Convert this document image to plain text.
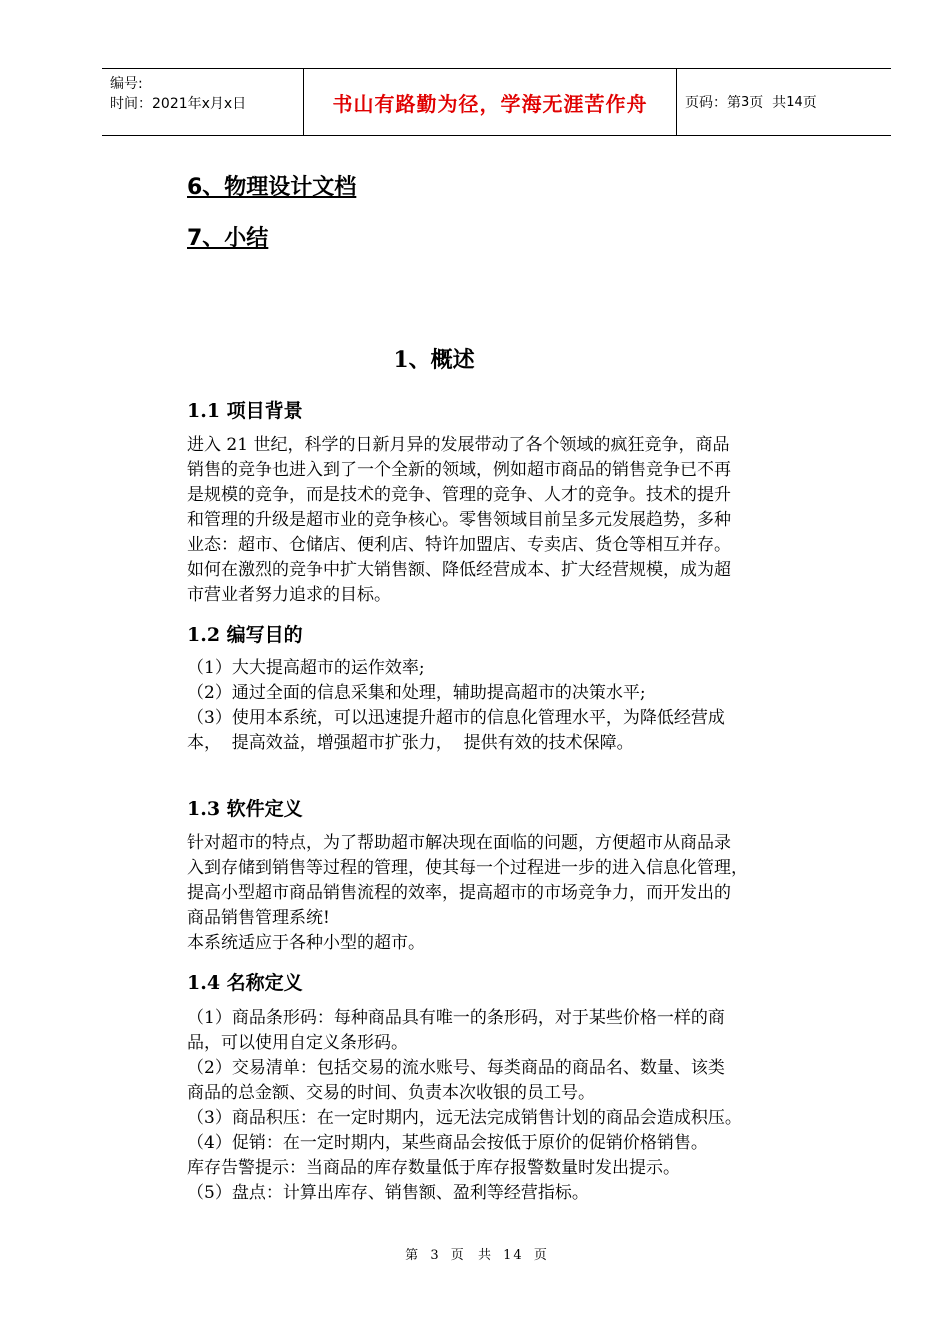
编号:
时间：2021年x月x日	书山有路勤为径，学海无涯苦作舟	页码：第 3 页  共 14 页
6、物理设计文档
7、小结
1、概述
1.1 项目背景

进入 21 世纪，科学的日新月异的发展带动了各个领域的疯狂竞争，商品

销售的竞争也进入到了一个全新的领域，例如超市商品的销售竞争已不再

是规模的竞争，而是技术的竞争、管理的竞争、人才的竞争。技术的提升

和管理的升级是超市业的竞争核心。零售领域目前呈多元发展趋势，多种

业态：超市、仓储店、便利店、特许加盟店、专卖店、货仓等相互并存。

如何在激烈的竞争中扩大销售额、降低经营成本、扩大经营规模，成为超

市营业者努力追求的目标。

1.2 编写目的

（1）大大提高超市的运作效率;

（2）通过全面的信息采集和处理，辅助提高超市的决策水平;

（3）使用本系统，可以迅速提升超市的信息化管理水平，为降低经营成

本，  提高效益，增强超市扩张力，  提供有效的技术保障。

1.3 软件定义

针对超市的特点，为了帮助超市解决现在面临的问题，方便超市从商品录

入到存储到销售等过程的管理，使其每一个过程进一步的进入信息化管理，

提高小型超市商品销售流程的效率，提高超市的市场竞争力，而开发出的

商品销售管理系统!

本系统适应于各种小型的超市。

1.4 名称定义

（1）商品条形码：每种商品具有唯一的条形码，对于某些价格一样的商

品，可以使用自定义条形码。

（2）交易清单：包括交易的流水账号、每类商品的商品名、数量、该类

商品的总金额、交易的时间、负责本次收银的员工号。

（3）商品积压：在一定时期内，远无法完成销售计划的商品会造成积压。

（4）促销：在一定时期内，某些商品会按低于原价的促销价格销售。

库存告警提示：当商品的库存数量低于库存报警数量时发出提示。

（5）盘点：计算出库存、销售额、盈利等经营指标。

第 3 页  共 14 页
